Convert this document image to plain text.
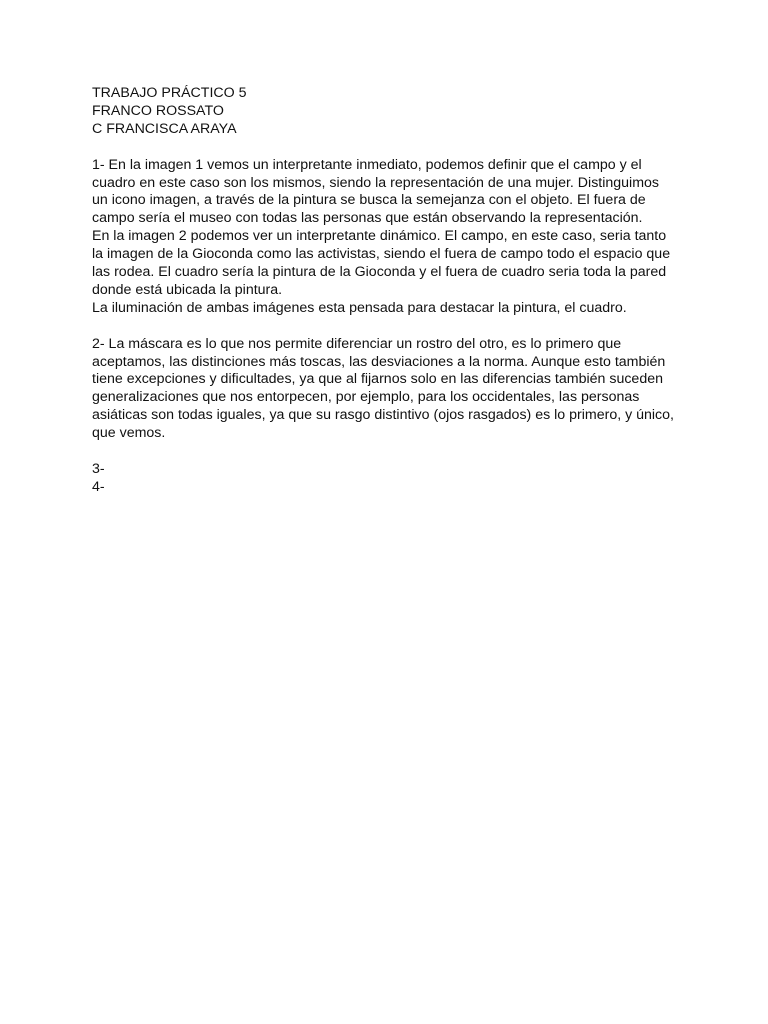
TRABAJO PRÁCTICO 5
FRANCO ROSSATO
C FRANCISCA ARAYA
1- En la imagen 1 vemos un interpretante inmediato, podemos definir que el campo y el
cuadro en este caso son los mismos, siendo la representación de una mujer. Distinguimos
un icono imagen, a través de la pintura se busca la semejanza con el objeto. El fuera de
campo sería el museo con todas las personas que están observando la representación.
En la imagen 2 podemos ver un interpretante dinámico. El campo, en este caso, seria tanto
la imagen de la Gioconda como las activistas, siendo el fuera de campo todo el espacio que
las rodea. El cuadro sería la pintura de la Gioconda y el fuera de cuadro seria toda la pared
donde está ubicada la pintura.
La iluminación de ambas imágenes esta pensada para destacar la pintura, el cuadro.
2- La máscara es lo que nos permite diferenciar un rostro del otro, es lo primero que
aceptamos, las distinciones más toscas, las desviaciones a la norma. Aunque esto también
tiene excepciones y dificultades, ya que al fijarnos solo en las diferencias también suceden
generalizaciones que nos entorpecen, por ejemplo, para los occidentales, las personas
asiáticas son todas iguales, ya que su rasgo distintivo (ojos rasgados) es lo primero, y único,
que vemos.
3-
4-
